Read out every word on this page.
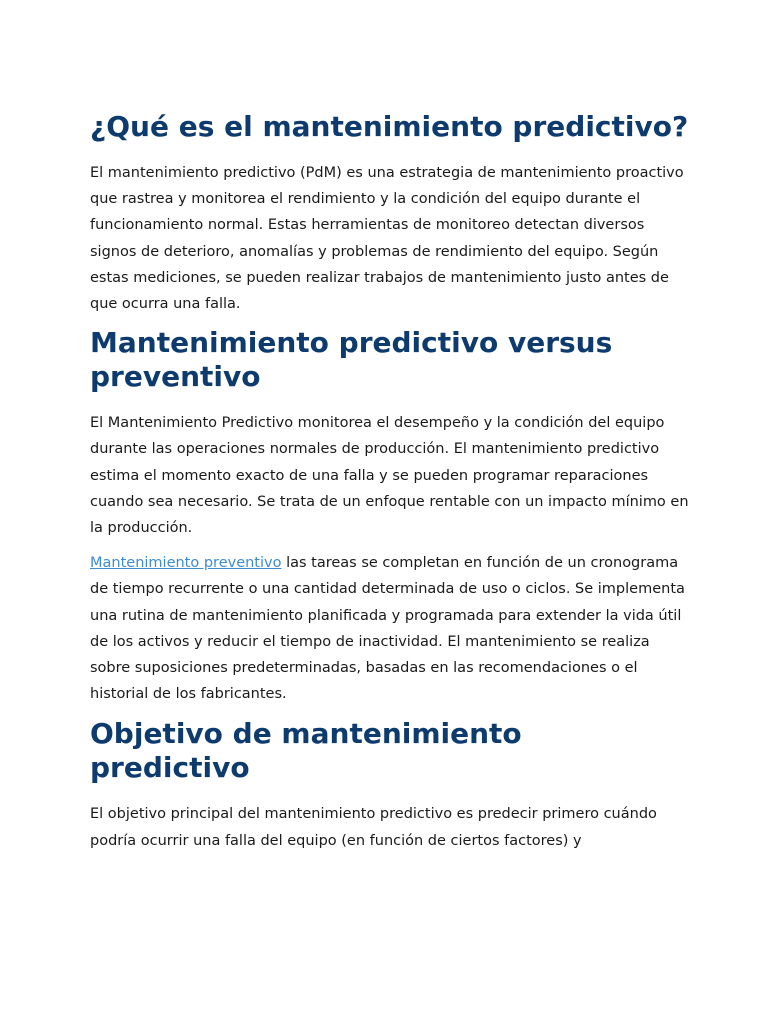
¿Qué es el mantenimiento predictivo?

El mantenimiento predictivo (PdM) es una estrategia de mantenimiento proactivo que rastrea y monitorea el rendimiento y la condición del equipo durante el funcionamiento normal. Estas herramientas de monitoreo detectan diversos signos de deterioro, anomalías y problemas de rendimiento del equipo. Según estas mediciones, se pueden realizar trabajos de mantenimiento justo antes de que ocurra una falla.

Mantenimiento predictivo versus preventivo

El Mantenimiento Predictivo monitorea el desempeño y la condición del equipo durante las operaciones normales de producción. El mantenimiento predictivo estima el momento exacto de una falla y se pueden programar reparaciones cuando sea necesario. Se trata de un enfoque rentable con un impacto mínimo en la producción.

Mantenimiento preventivo las tareas se completan en función de un cronograma de tiempo recurrente o una cantidad determinada de uso o ciclos. Se implementa una rutina de mantenimiento planificada y programada para extender la vida útil de los activos y reducir el tiempo de inactividad. El mantenimiento se realiza sobre suposiciones predeterminadas, basadas en las recomendaciones o el historial de los fabricantes.

Objetivo de mantenimiento predictivo

El objetivo principal del mantenimiento predictivo es predecir primero cuándo podría ocurrir una falla del equipo (en función de ciertos factores) y
